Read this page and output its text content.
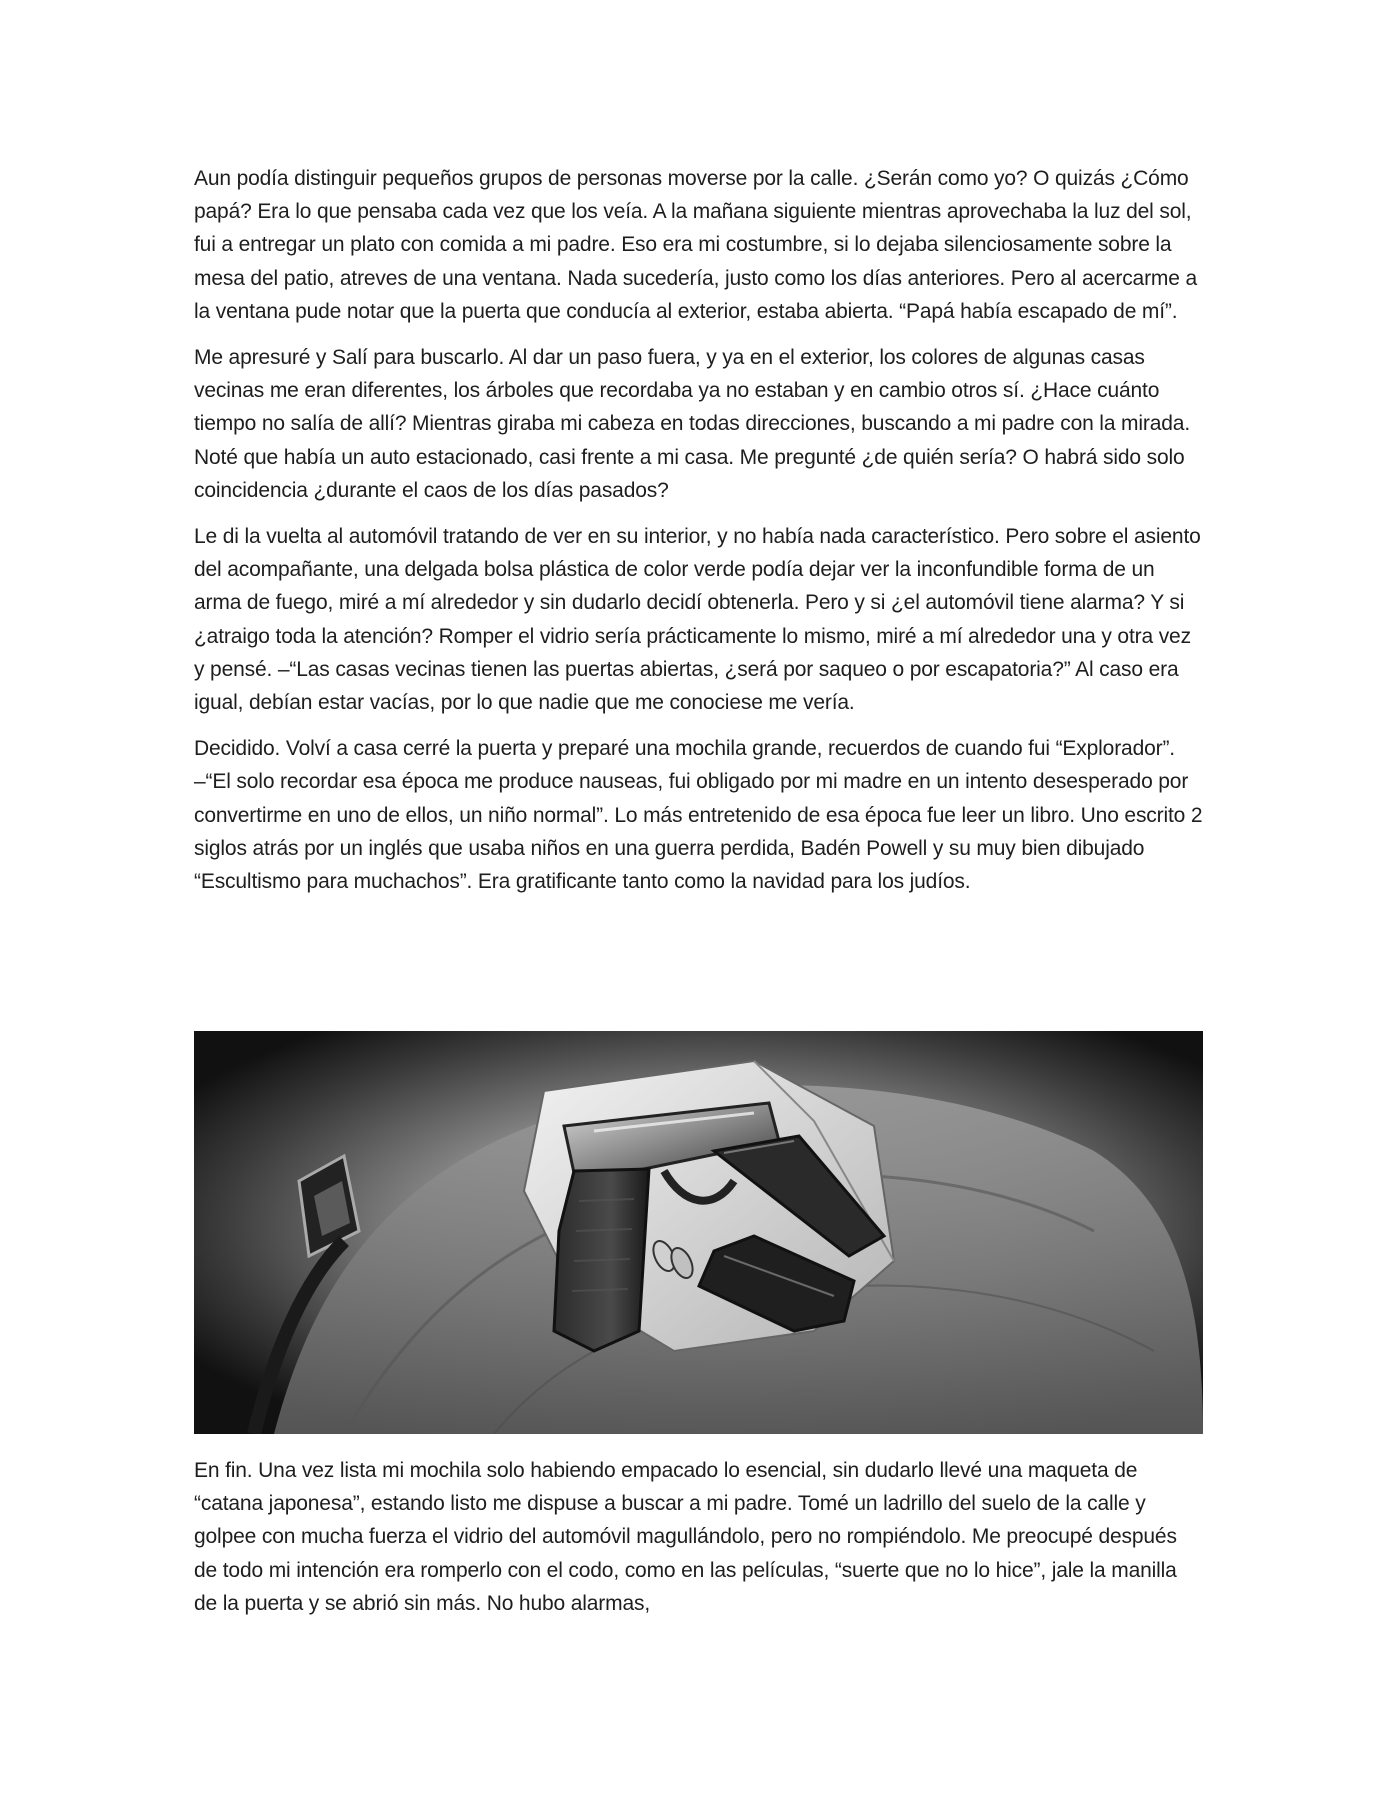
Aun podía distinguir pequeños grupos de personas moverse por la calle. ¿Serán como yo? O quizás ¿Cómo papá? Era lo que pensaba cada vez que los veía. A la mañana siguiente mientras aprovechaba la luz del sol, fui a entregar un plato con comida a mi padre. Eso era mi costumbre, si lo dejaba silenciosamente sobre la mesa del patio, atreves de una ventana. Nada sucedería, justo como los días anteriores. Pero al acercarme a la ventana pude notar que la puerta que conducía al exterior, estaba abierta. “Papá había escapado de mí”.

Me apresuré y Salí para buscarlo. Al dar un paso fuera, y ya en el exterior, los colores de algunas casas vecinas me eran diferentes, los árboles que recordaba ya no estaban y en cambio otros sí. ¿Hace cuánto tiempo no salía de allí? Mientras giraba mi cabeza en todas direcciones, buscando a mi padre con la mirada. Noté que había un auto estacionado, casi frente a mi casa. Me pregunté ¿de quién sería? O habrá sido solo coincidencia ¿durante el caos de los días pasados?

Le di la vuelta al automóvil tratando de ver en su interior, y no había nada característico. Pero sobre el asiento del acompañante, una delgada bolsa plástica de color verde podía dejar ver la inconfundible forma de un arma de fuego, miré a mí alrededor y sin dudarlo decidí obtenerla. Pero y si ¿el automóvil tiene alarma? Y si ¿atraigo toda la atención? Romper el vidrio sería prácticamente lo mismo, miré a mí alrededor una y otra vez y pensé. –“Las casas vecinas tienen las puertas abiertas, ¿será por saqueo o por escapatoria?” Al caso era igual, debían estar vacías, por lo que nadie que me conociese me vería.

Decidido. Volví a casa cerré la puerta y preparé una mochila grande, recuerdos de cuando fui “Explorador”. –“El solo recordar esa época me produce nauseas, fui obligado por mi madre en un intento desesperado por convertirme en uno de ellos, un niño normal”. Lo más entretenido de esa época fue leer un libro. Uno escrito 2 siglos atrás por un inglés que usaba niños en una guerra perdida, Badén Powell y su muy bien dibujado “Escultismo para muchachos”. Era gratificante tanto como la navidad para los judíos.

En fin. Una vez lista mi mochila solo habiendo empacado lo esencial, sin dudarlo llevé una maqueta de “catana japonesa”, estando listo me dispuse a buscar a mi padre. Tomé un ladrillo del suelo de la calle y golpee con mucha fuerza el vidrio del automóvil magullándolo, pero no rompiéndolo. Me preocupé después de todo mi intención era romperlo con el codo, como en las películas, “suerte que no lo hice”, jale la manilla de la puerta y se abrió sin más. No hubo alarmas,
